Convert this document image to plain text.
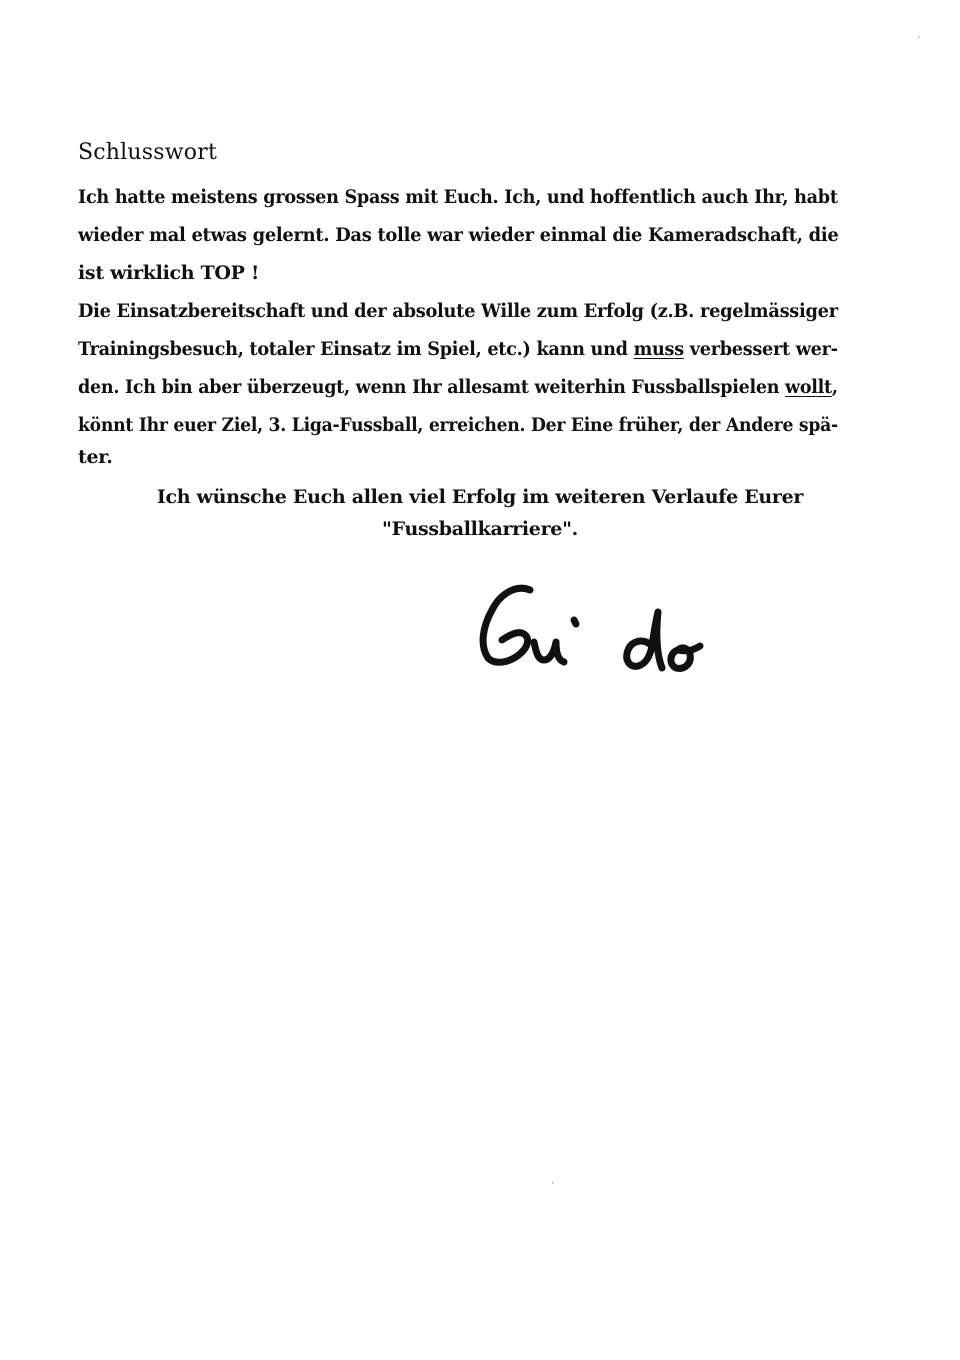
Schlusswort
Ich hatte meistens grossen Spass mit Euch. Ich, und hoffentlich auch Ihr, habt
wieder mal etwas gelernt. Das tolle war wieder einmal die Kameradschaft, die
ist wirklich TOP !
Die Einsatzbereitschaft und der absolute Wille zum Erfolg (z.B. regelmässiger
Trainingsbesuch, totaler Einsatz im Spiel, etc.) kann und muss verbessert wer-
den. Ich bin aber überzeugt, wenn Ihr allesamt weiterhin Fussballspielen wollt,
könnt Ihr euer Ziel, 3. Liga-Fussball, erreichen. Der Eine früher, der Andere spä-
ter.
Ich wünsche Euch allen viel Erfolg im weiteren Verlaufe Eurer
"Fussballkarriere".
